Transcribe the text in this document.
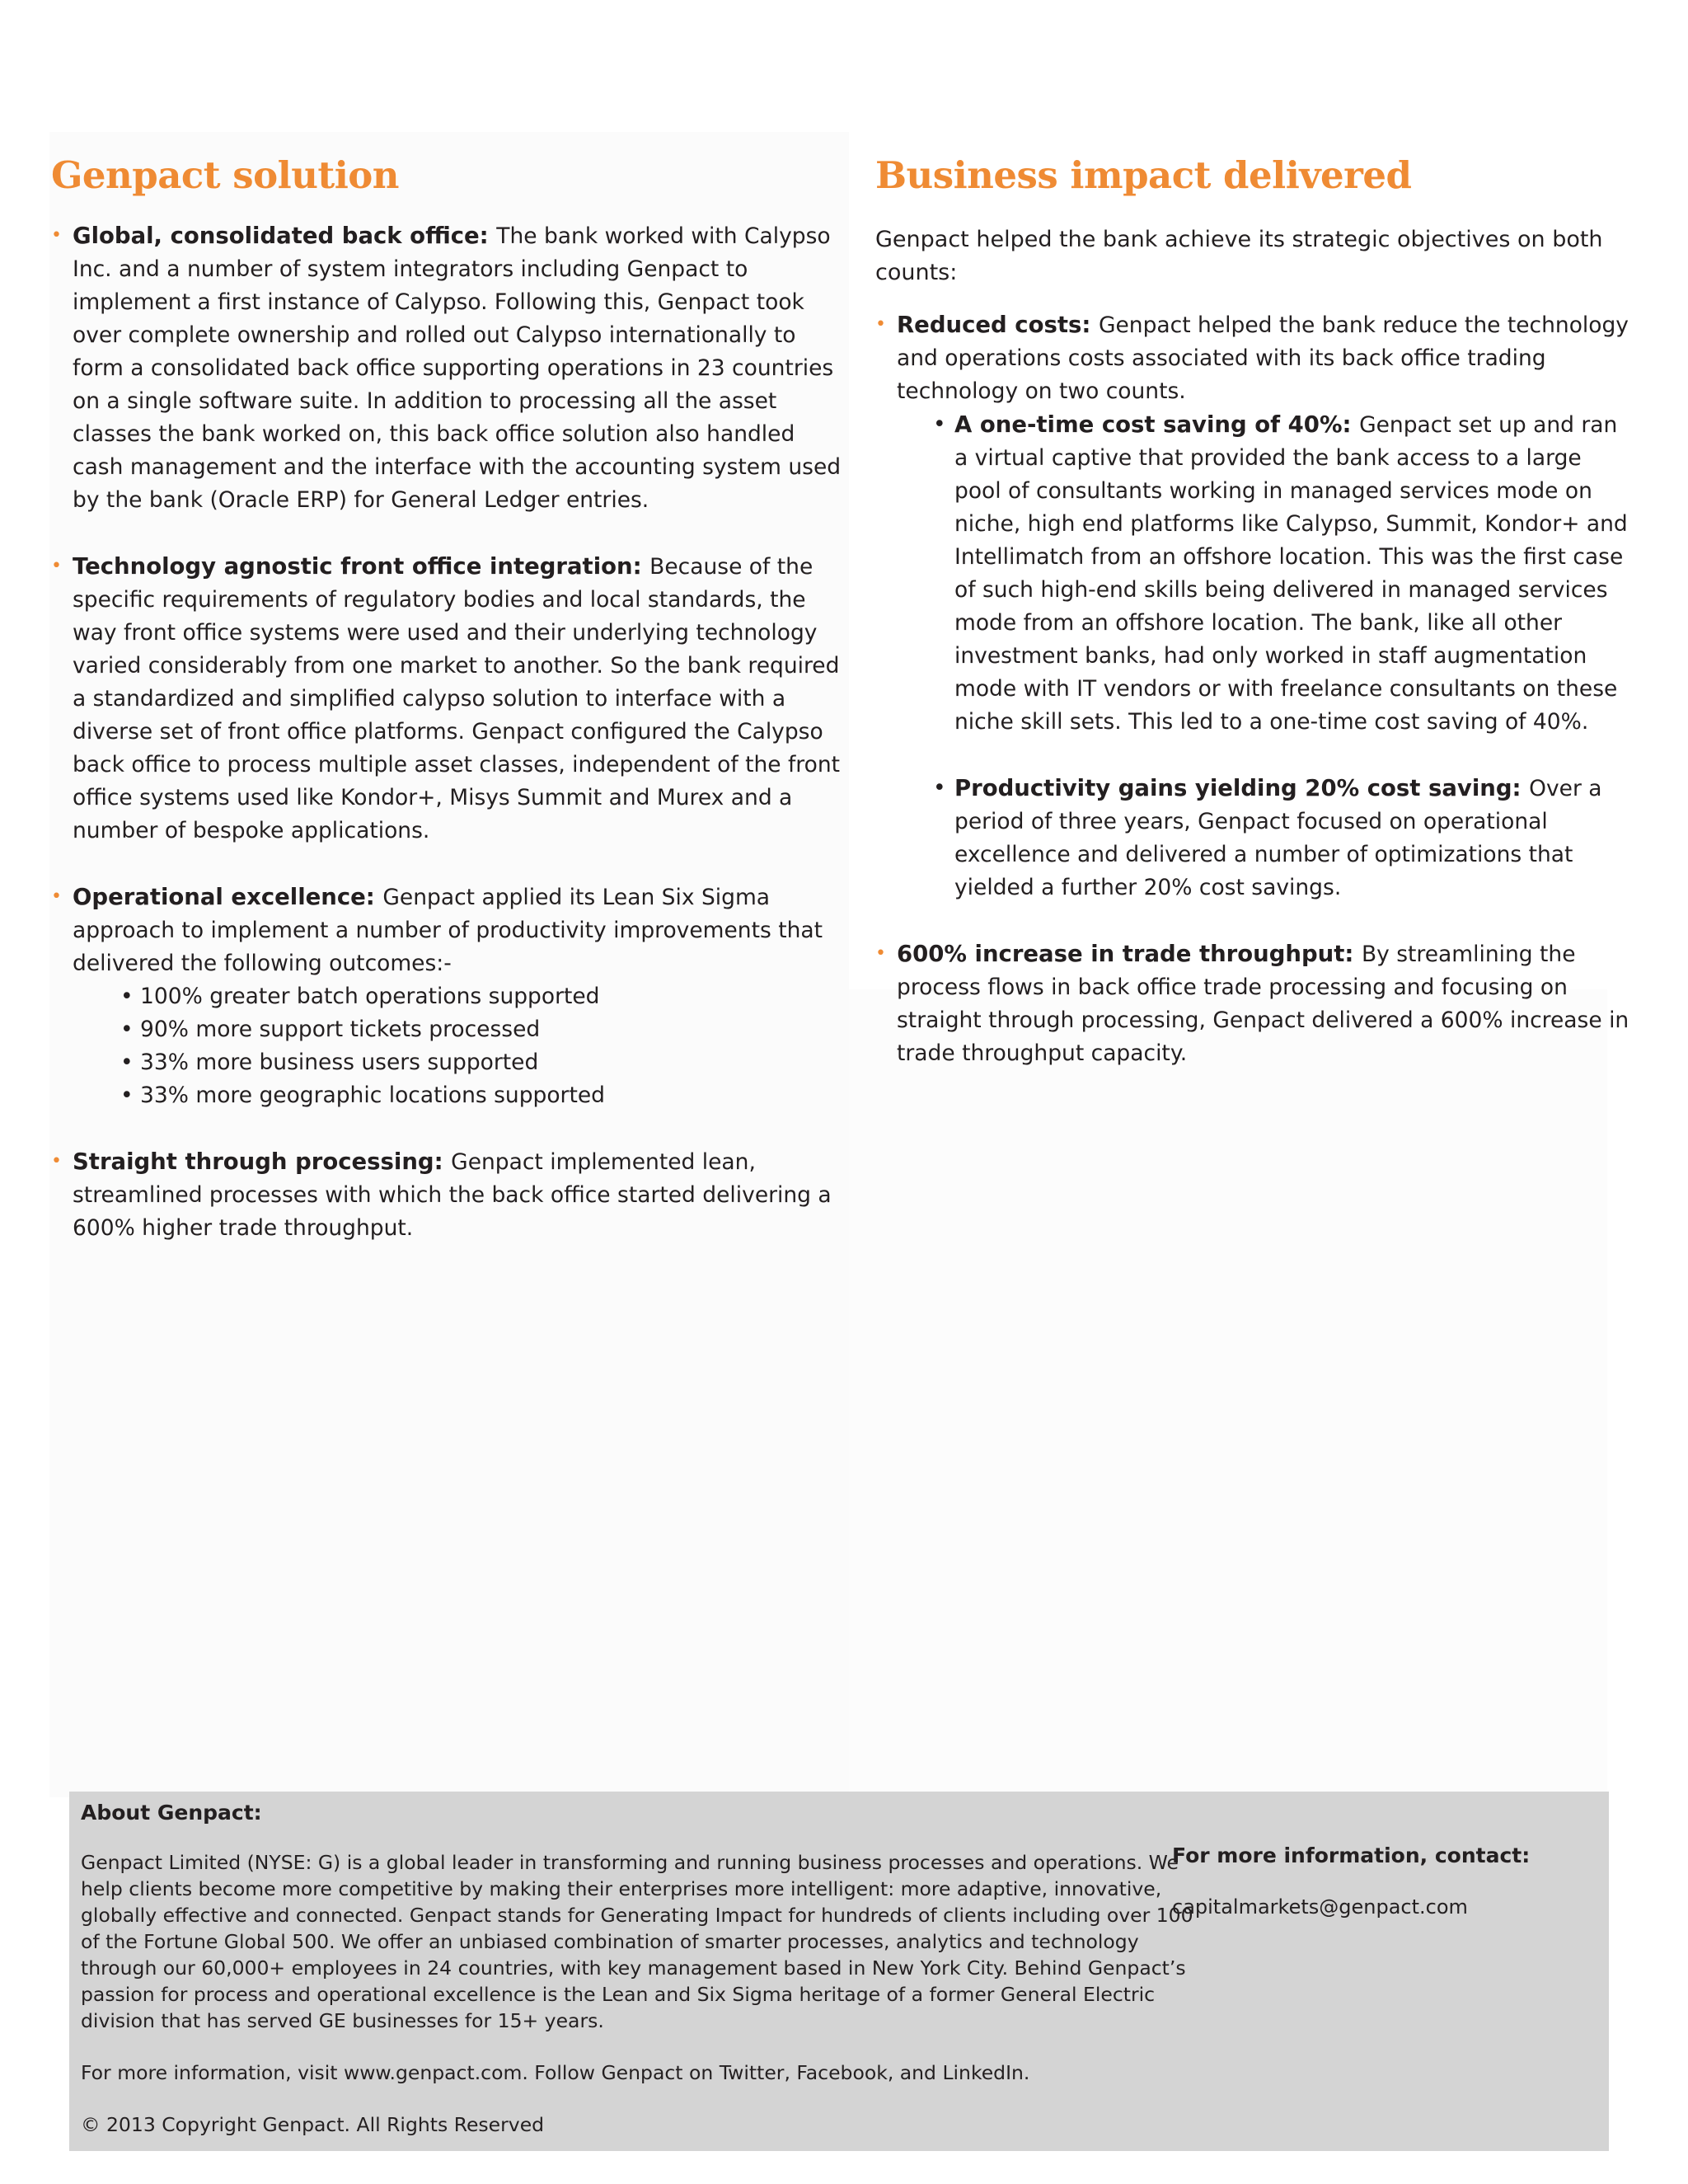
Genpact solution
• Global, consolidated back office: The bank worked with Calypso Inc. and a number of system integrators including Genpact to implement a first instance of Calypso. Following this, Genpact took over complete ownership and rolled out Calypso internationally to form a consolidated back office supporting operations in 23 countries on a single software suite. In addition to processing all the asset classes the bank worked on, this back office solution also handled cash management and the interface with the accounting system used by the bank (Oracle ERP) for General Ledger entries.
• Technology agnostic front office integration: Because of the specific requirements of regulatory bodies and local standards, the way front office systems were used and their underlying technology varied considerably from one market to another. So the bank required a standardized and simplified calypso solution to interface with a diverse set of front office platforms. Genpact configured the Calypso back office to process multiple asset classes, independent of the front office systems used like Kondor+, Misys Summit and Murex and a number of bespoke applications.
• Operational excellence: Genpact applied its Lean Six Sigma approach to implement a number of productivity improvements that delivered the following outcomes:-
• 100% greater batch operations supported
• 90% more support tickets processed
• 33% more business users supported
• 33% more geographic locations supported
• Straight through processing: Genpact implemented lean, streamlined processes with which the back office started delivering a 600% higher trade throughput.
Business impact delivered
Genpact helped the bank achieve its strategic objectives on both counts:
• Reduced costs: Genpact helped the bank reduce the technology and operations costs associated with its back office trading technology on two counts.
• A one-time cost saving of 40%: Genpact set up and ran a virtual captive that provided the bank access to a large pool of consultants working in managed services mode on niche, high end platforms like Calypso, Summit, Kondor+ and Intellimatch from an offshore location. This was the first case of such high-end skills being delivered in managed services mode from an offshore location. The bank, like all other investment banks, had only worked in staff augmentation mode with IT vendors or with freelance consultants on these niche skill sets. This led to a one-time cost saving of 40%.
• Productivity gains yielding 20% cost saving: Over a period of three years, Genpact focused on operational excellence and delivered a number of optimizations that yielded a further 20% cost savings.
• 600% increase in trade throughput: By streamlining the process flows in back office trade processing and focusing on straight through processing, Genpact delivered a 600% increase in trade throughput capacity.
About Genpact:
Genpact Limited (NYSE: G) is a global leader in transforming and running business processes and operations. We help clients become more competitive by making their enterprises more intelligent: more adaptive, innovative, globally effective and connected. Genpact stands for Generating Impact for hundreds of clients including over 100 of the Fortune Global 500. We offer an unbiased combination of smarter processes, analytics and technology through our 60,000+ employees in 24 countries, with key management based in New York City. Behind Genpact’s passion for process and operational excellence is the Lean and Six Sigma heritage of a former General Electric division that has served GE businesses for 15+ years.
For more information, visit www.genpact.com. Follow Genpact on Twitter, Facebook, and LinkedIn.
© 2013 Copyright Genpact. All Rights Reserved
For more information, contact:
capitalmarkets@genpact.com
